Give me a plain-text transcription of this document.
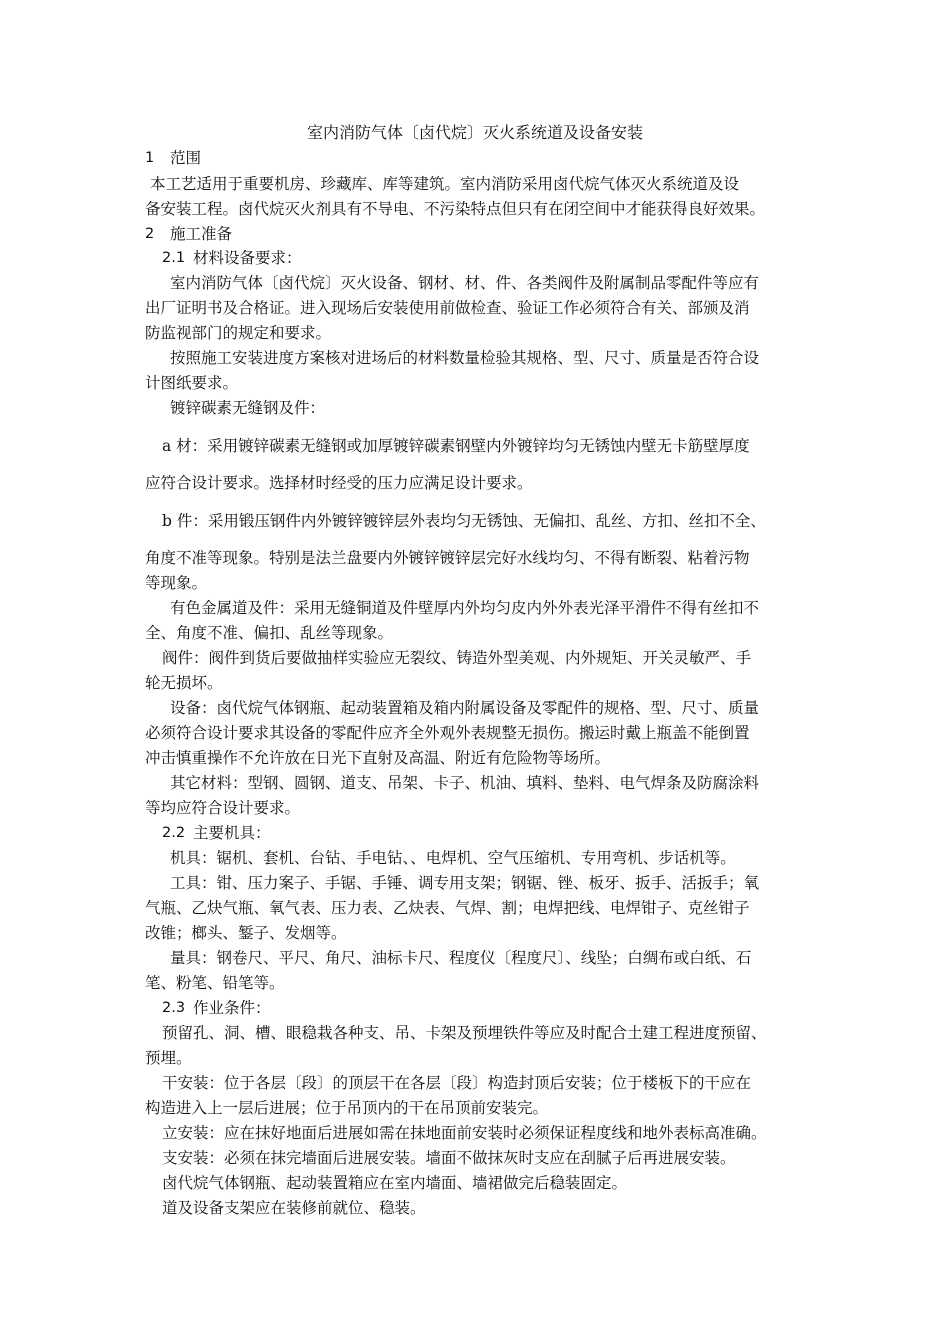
室内消防气体〔卤代烷〕灭火系统道及设备安装
1 范围
本工艺适用于重要机房、珍藏库、库等建筑。室内消防采用卤代烷气体灭火系统道及设
备安装工程。卤代烷灭火剂具有不导电、不污染特点但只有在闭空间中才能获得良好效果。
2 施工准备
2.1 材料设备要求：
室内消防气体〔卤代烷〕灭火设备、钢材、材、件、各类阀件及附属制品零配件等应有
出厂证明书及合格证。进入现场后安装使用前做检查、验证工作必须符合有关、部颁及消
防监视部门的规定和要求。
按照施工安装进度方案核对进场后的材料数量检验其规格、型、尺寸、质量是否符合设
计图纸要求。
镀锌碳素无缝钢及件：
a 材：采用镀锌碳素无缝钢或加厚镀锌碳素钢壁内外镀锌均匀无锈蚀内壁无卡筋壁厚度
应符合设计要求。选择材时经受的压力应满足设计要求。
b 件：采用锻压钢件内外镀锌镀锌层外表均匀无锈蚀、无偏扣、乱丝、方扣、丝扣不全、
角度不准等现象。特别是法兰盘要内外镀锌镀锌层完好水线均匀、不得有断裂、粘着污物
等现象。
有色金属道及件：采用无缝铜道及件壁厚内外均匀皮内外外表光泽平滑件不得有丝扣不
全、角度不准、偏扣、乱丝等现象。
阀件：阀件到货后要做抽样实验应无裂纹、铸造外型美观、内外规矩、开关灵敏严、手
轮无损坏。
设备：卤代烷气体钢瓶、起动装置箱及箱内附属设备及零配件的规格、型、尺寸、质量
必须符合设计要求其设备的零配件应齐全外观外表规整无损伤。搬运时戴上瓶盖不能倒置
冲击慎重操作不允许放在日光下直射及高温、附近有危险物等场所。
其它材料：型钢、圆钢、道支、吊架、卡子、机油、填料、垫料、电气焊条及防腐涂料
等均应符合设计要求。
2.2 主要机具：
机具：锯机、套机、台钻、手电钻、、电焊机、空气压缩机、专用弯机、步话机等。
工具：钳、压力案子、手锯、手锤、调专用支架；钢锯、锉、板牙、扳手、活扳手；氧
气瓶、乙炔气瓶、氧气表、压力表、乙炔表、气焊、割；电焊把线、电焊钳子、克丝钳子
改锥；榔头、錾子、发烟等。
量具：钢卷尺、平尺、角尺、油标卡尺、程度仪〔程度尺〕、线坠；白绸布或白纸、石
笔、粉笔、铅笔等。
2.3 作业条件：
预留孔、洞、槽、眼稳栽各种支、吊、卡架及预埋铁件等应及时配合土建工程进度预留、
预埋。
干安装：位于各层〔段〕的顶层干在各层〔段〕构造封顶后安装；位于楼板下的干应在
构造进入上一层后进展；位于吊顶内的干在吊顶前安装完。
立安装：应在抹好地面后进展如需在抹地面前安装时必须保证程度线和地外表标高准确。
支安装：必须在抹完墙面后进展安装。墙面不做抹灰时支应在刮腻子后再进展安装。
卤代烷气体钢瓶、起动装置箱应在室内墙面、墙裙做完后稳装固定。
道及设备支架应在装修前就位、稳装。
